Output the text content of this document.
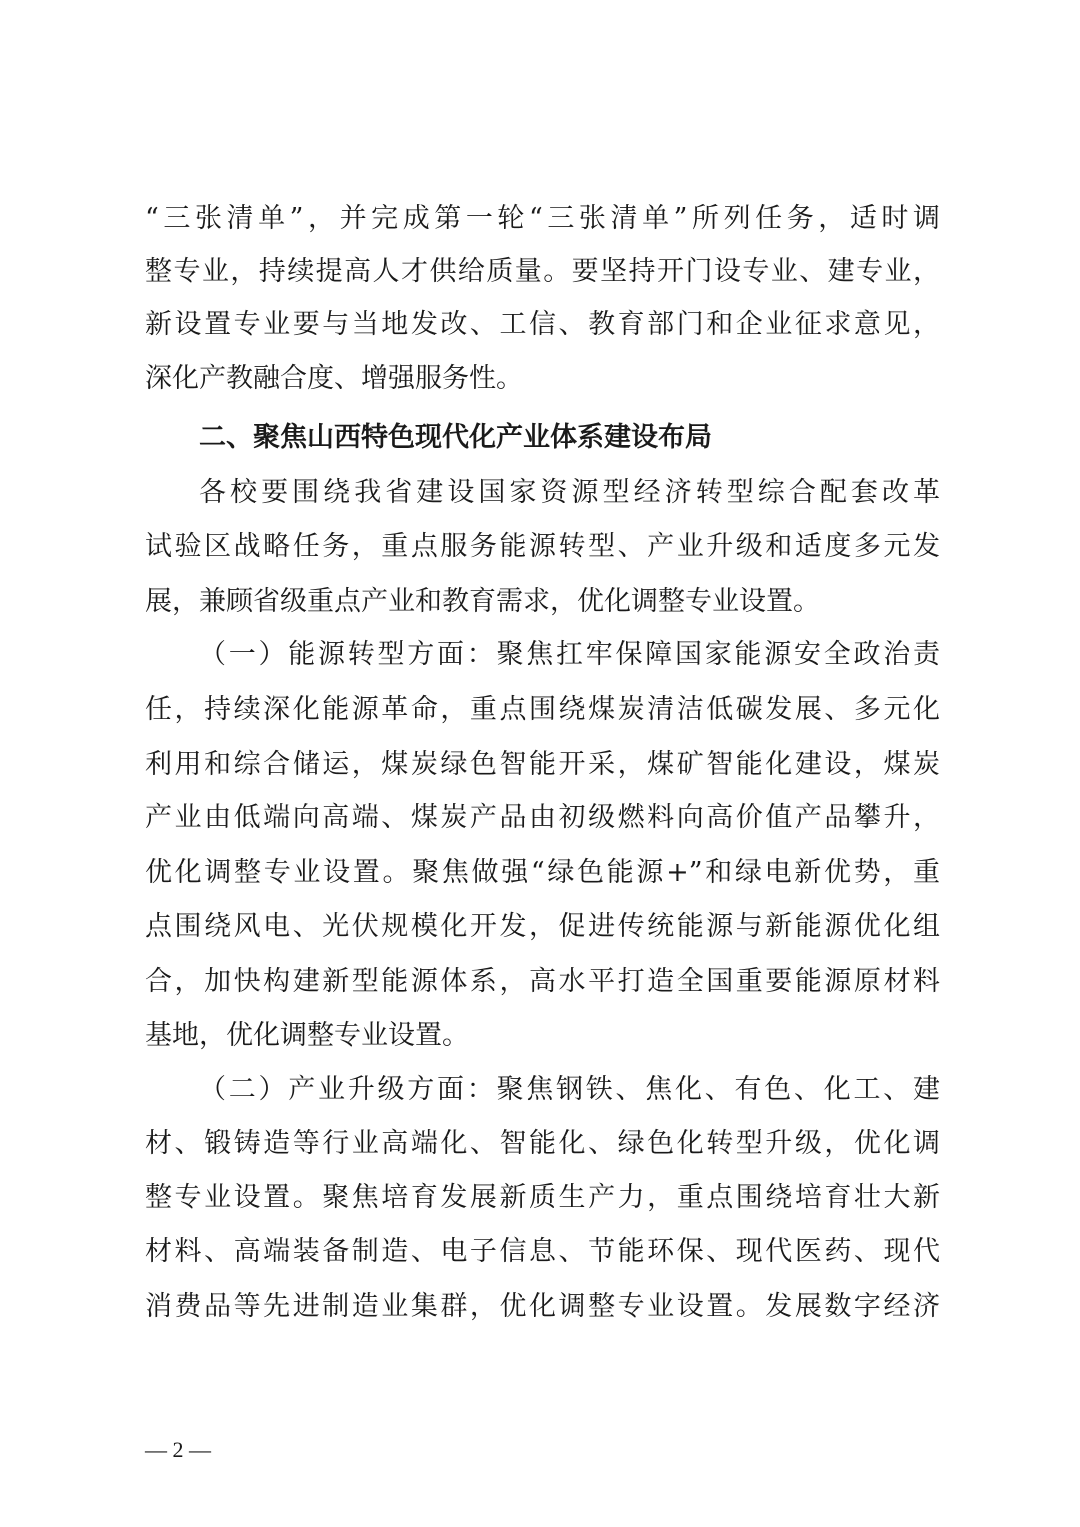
“三张清单”，并完成第一轮“三张清单”所列任务，适时调
整专业，持续提高人才供给质量。要坚持开门设专业、建专业，
新设置专业要与当地发改、工信、教育部门和企业征求意见，
深化产教融合度、增强服务性。
二、聚焦山西特色现代化产业体系建设布局
各校要围绕我省建设国家资源型经济转型综合配套改革
试验区战略任务，重点服务能源转型、产业升级和适度多元发
展，兼顾省级重点产业和教育需求，优化调整专业设置。
（一）能源转型方面：聚焦扛牢保障国家能源安全政治责
任，持续深化能源革命，重点围绕煤炭清洁低碳发展、多元化
利用和综合储运，煤炭绿色智能开采，煤矿智能化建设，煤炭
产业由低端向高端、煤炭产品由初级燃料向高价值产品攀升，
优化调整专业设置。聚焦做强“绿色能源+”和绿电新优势，重
点围绕风电、光伏规模化开发，促进传统能源与新能源优化组
合，加快构建新型能源体系，高水平打造全国重要能源原材料
基地，优化调整专业设置。
（二）产业升级方面：聚焦钢铁、焦化、有色、化工、建
材、锻铸造等行业高端化、智能化、绿色化转型升级，优化调
整专业设置。聚焦培育发展新质生产力，重点围绕培育壮大新
材料、高端装备制造、电子信息、节能环保、现代医药、现代
消费品等先进制造业集群，优化调整专业设置。发展数字经济
— 2 —
